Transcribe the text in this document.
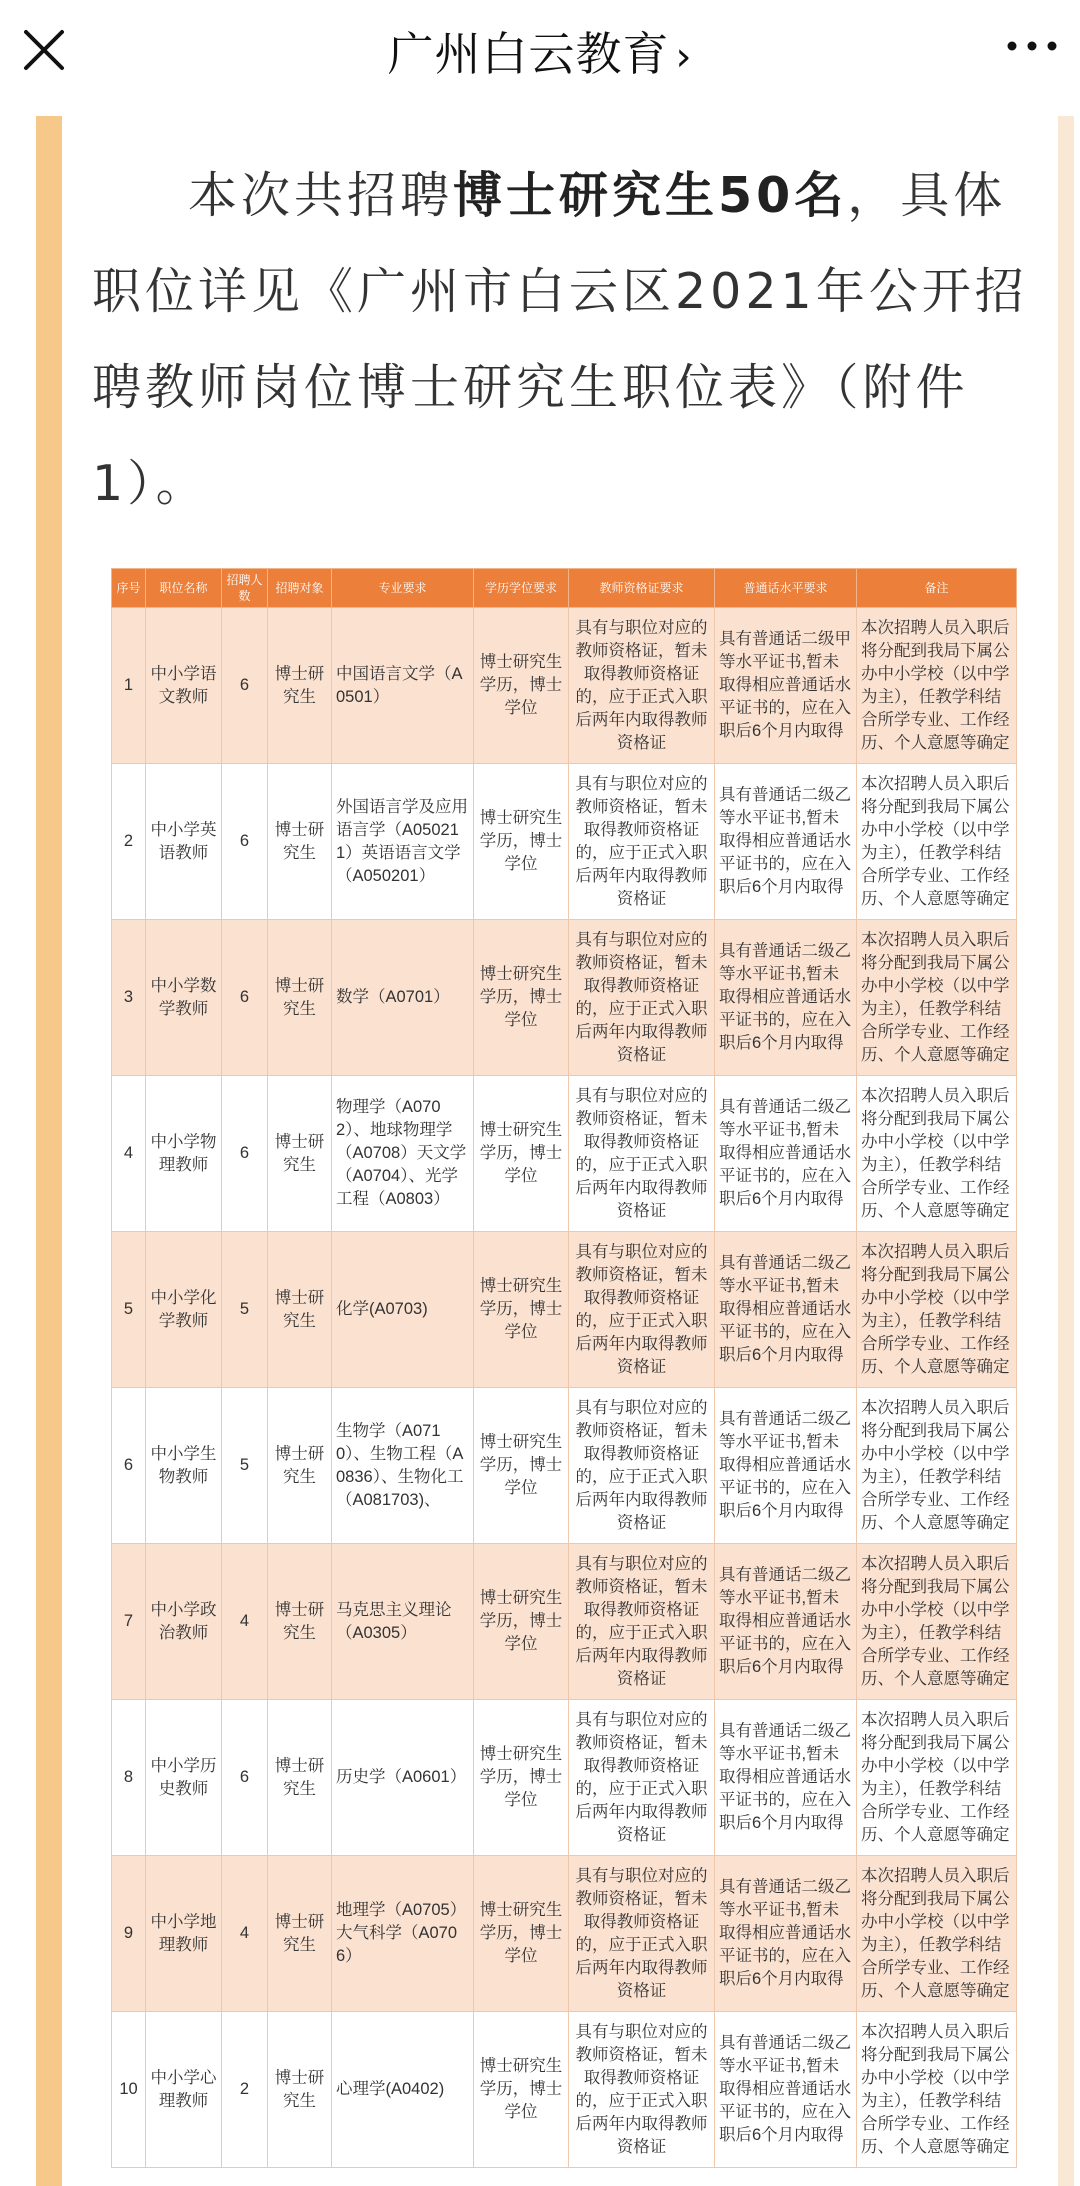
广州白云教育 ›
本次共招聘博士研究生50名，具体职位详见《广州市白云区2021年公开招聘教师岗位博士研究生职位表》（附件1）。
序号	职位名称	招聘人数	招聘对象	专业要求	学历学位要求	教师资格证要求	普通话水平要求	备注
1	中小学语文教师	6	博士研究生	中国语言文学（A0501）	博士研究生学历，博士学位	具有与职位对应的教师资格证，暂未取得教师资格证的，应于正式入职后两年内取得教师资格证	具有普通话二级甲等水平证书,暂未取得相应普通话水平证书的，应在入职后6个月内取得	本次招聘人员入职后将分配到我局下属公办中小学校（以中学为主），任教学科结合所学专业、工作经历、个人意愿等确定
2	中小学英语教师	6	博士研究生	外国语言学及应用语言学（A050211）英语语言文学（A050201）	博士研究生学历，博士学位	具有与职位对应的教师资格证，暂未取得教师资格证的，应于正式入职后两年内取得教师资格证	具有普通话二级乙等水平证书,暂未取得相应普通话水平证书的，应在入职后6个月内取得	本次招聘人员入职后将分配到我局下属公办中小学校（以中学为主），任教学科结合所学专业、工作经历、个人意愿等确定
3	中小学数学教师	6	博士研究生	数学（A0701）	博士研究生学历，博士学位	具有与职位对应的教师资格证，暂未取得教师资格证的，应于正式入职后两年内取得教师资格证	具有普通话二级乙等水平证书,暂未取得相应普通话水平证书的，应在入职后6个月内取得	本次招聘人员入职后将分配到我局下属公办中小学校（以中学为主），任教学科结合所学专业、工作经历、个人意愿等确定
4	中小学物理教师	6	博士研究生	物理学（A0702）、地球物理学（A0708）天文学（A0704）、光学工程（A0803）	博士研究生学历，博士学位	具有与职位对应的教师资格证，暂未取得教师资格证的，应于正式入职后两年内取得教师资格证	具有普通话二级乙等水平证书,暂未取得相应普通话水平证书的，应在入职后6个月内取得	本次招聘人员入职后将分配到我局下属公办中小学校（以中学为主），任教学科结合所学专业、工作经历、个人意愿等确定
5	中小学化学教师	5	博士研究生	化学(A0703)	博士研究生学历，博士学位	具有与职位对应的教师资格证，暂未取得教师资格证的，应于正式入职后两年内取得教师资格证	具有普通话二级乙等水平证书,暂未取得相应普通话水平证书的，应在入职后6个月内取得	本次招聘人员入职后将分配到我局下属公办中小学校（以中学为主），任教学科结合所学专业、工作经历、个人意愿等确定
6	中小学生物教师	5	博士研究生	生物学（A0710）、生物工程（A0836）、生物化工（A081703)、	博士研究生学历，博士学位	具有与职位对应的教师资格证，暂未取得教师资格证的，应于正式入职后两年内取得教师资格证	具有普通话二级乙等水平证书,暂未取得相应普通话水平证书的，应在入职后6个月内取得	本次招聘人员入职后将分配到我局下属公办中小学校（以中学为主），任教学科结合所学专业、工作经历、个人意愿等确定
7	中小学政治教师	4	博士研究生	马克思主义理论（A0305）	博士研究生学历，博士学位	具有与职位对应的教师资格证，暂未取得教师资格证的，应于正式入职后两年内取得教师资格证	具有普通话二级乙等水平证书,暂未取得相应普通话水平证书的，应在入职后6个月内取得	本次招聘人员入职后将分配到我局下属公办中小学校（以中学为主），任教学科结合所学专业、工作经历、个人意愿等确定
8	中小学历史教师	6	博士研究生	历史学（A0601）	博士研究生学历，博士学位	具有与职位对应的教师资格证，暂未取得教师资格证的，应于正式入职后两年内取得教师资格证	具有普通话二级乙等水平证书,暂未取得相应普通话水平证书的，应在入职后6个月内取得	本次招聘人员入职后将分配到我局下属公办中小学校（以中学为主），任教学科结合所学专业、工作经历、个人意愿等确定
9	中小学地理教师	4	博士研究生	地理学（A0705）大气科学（A0706）	博士研究生学历，博士学位	具有与职位对应的教师资格证，暂未取得教师资格证的，应于正式入职后两年内取得教师资格证	具有普通话二级乙等水平证书,暂未取得相应普通话水平证书的，应在入职后6个月内取得	本次招聘人员入职后将分配到我局下属公办中小学校（以中学为主），任教学科结合所学专业、工作经历、个人意愿等确定
10	中小学心理教师	2	博士研究生	心理学(A0402)	博士研究生学历，博士学位	具有与职位对应的教师资格证，暂未取得教师资格证的，应于正式入职后两年内取得教师资格证	具有普通话二级乙等水平证书,暂未取得相应普通话水平证书的，应在入职后6个月内取得	本次招聘人员入职后将分配到我局下属公办中小学校（以中学为主），任教学科结合所学专业、工作经历、个人意愿等确定
